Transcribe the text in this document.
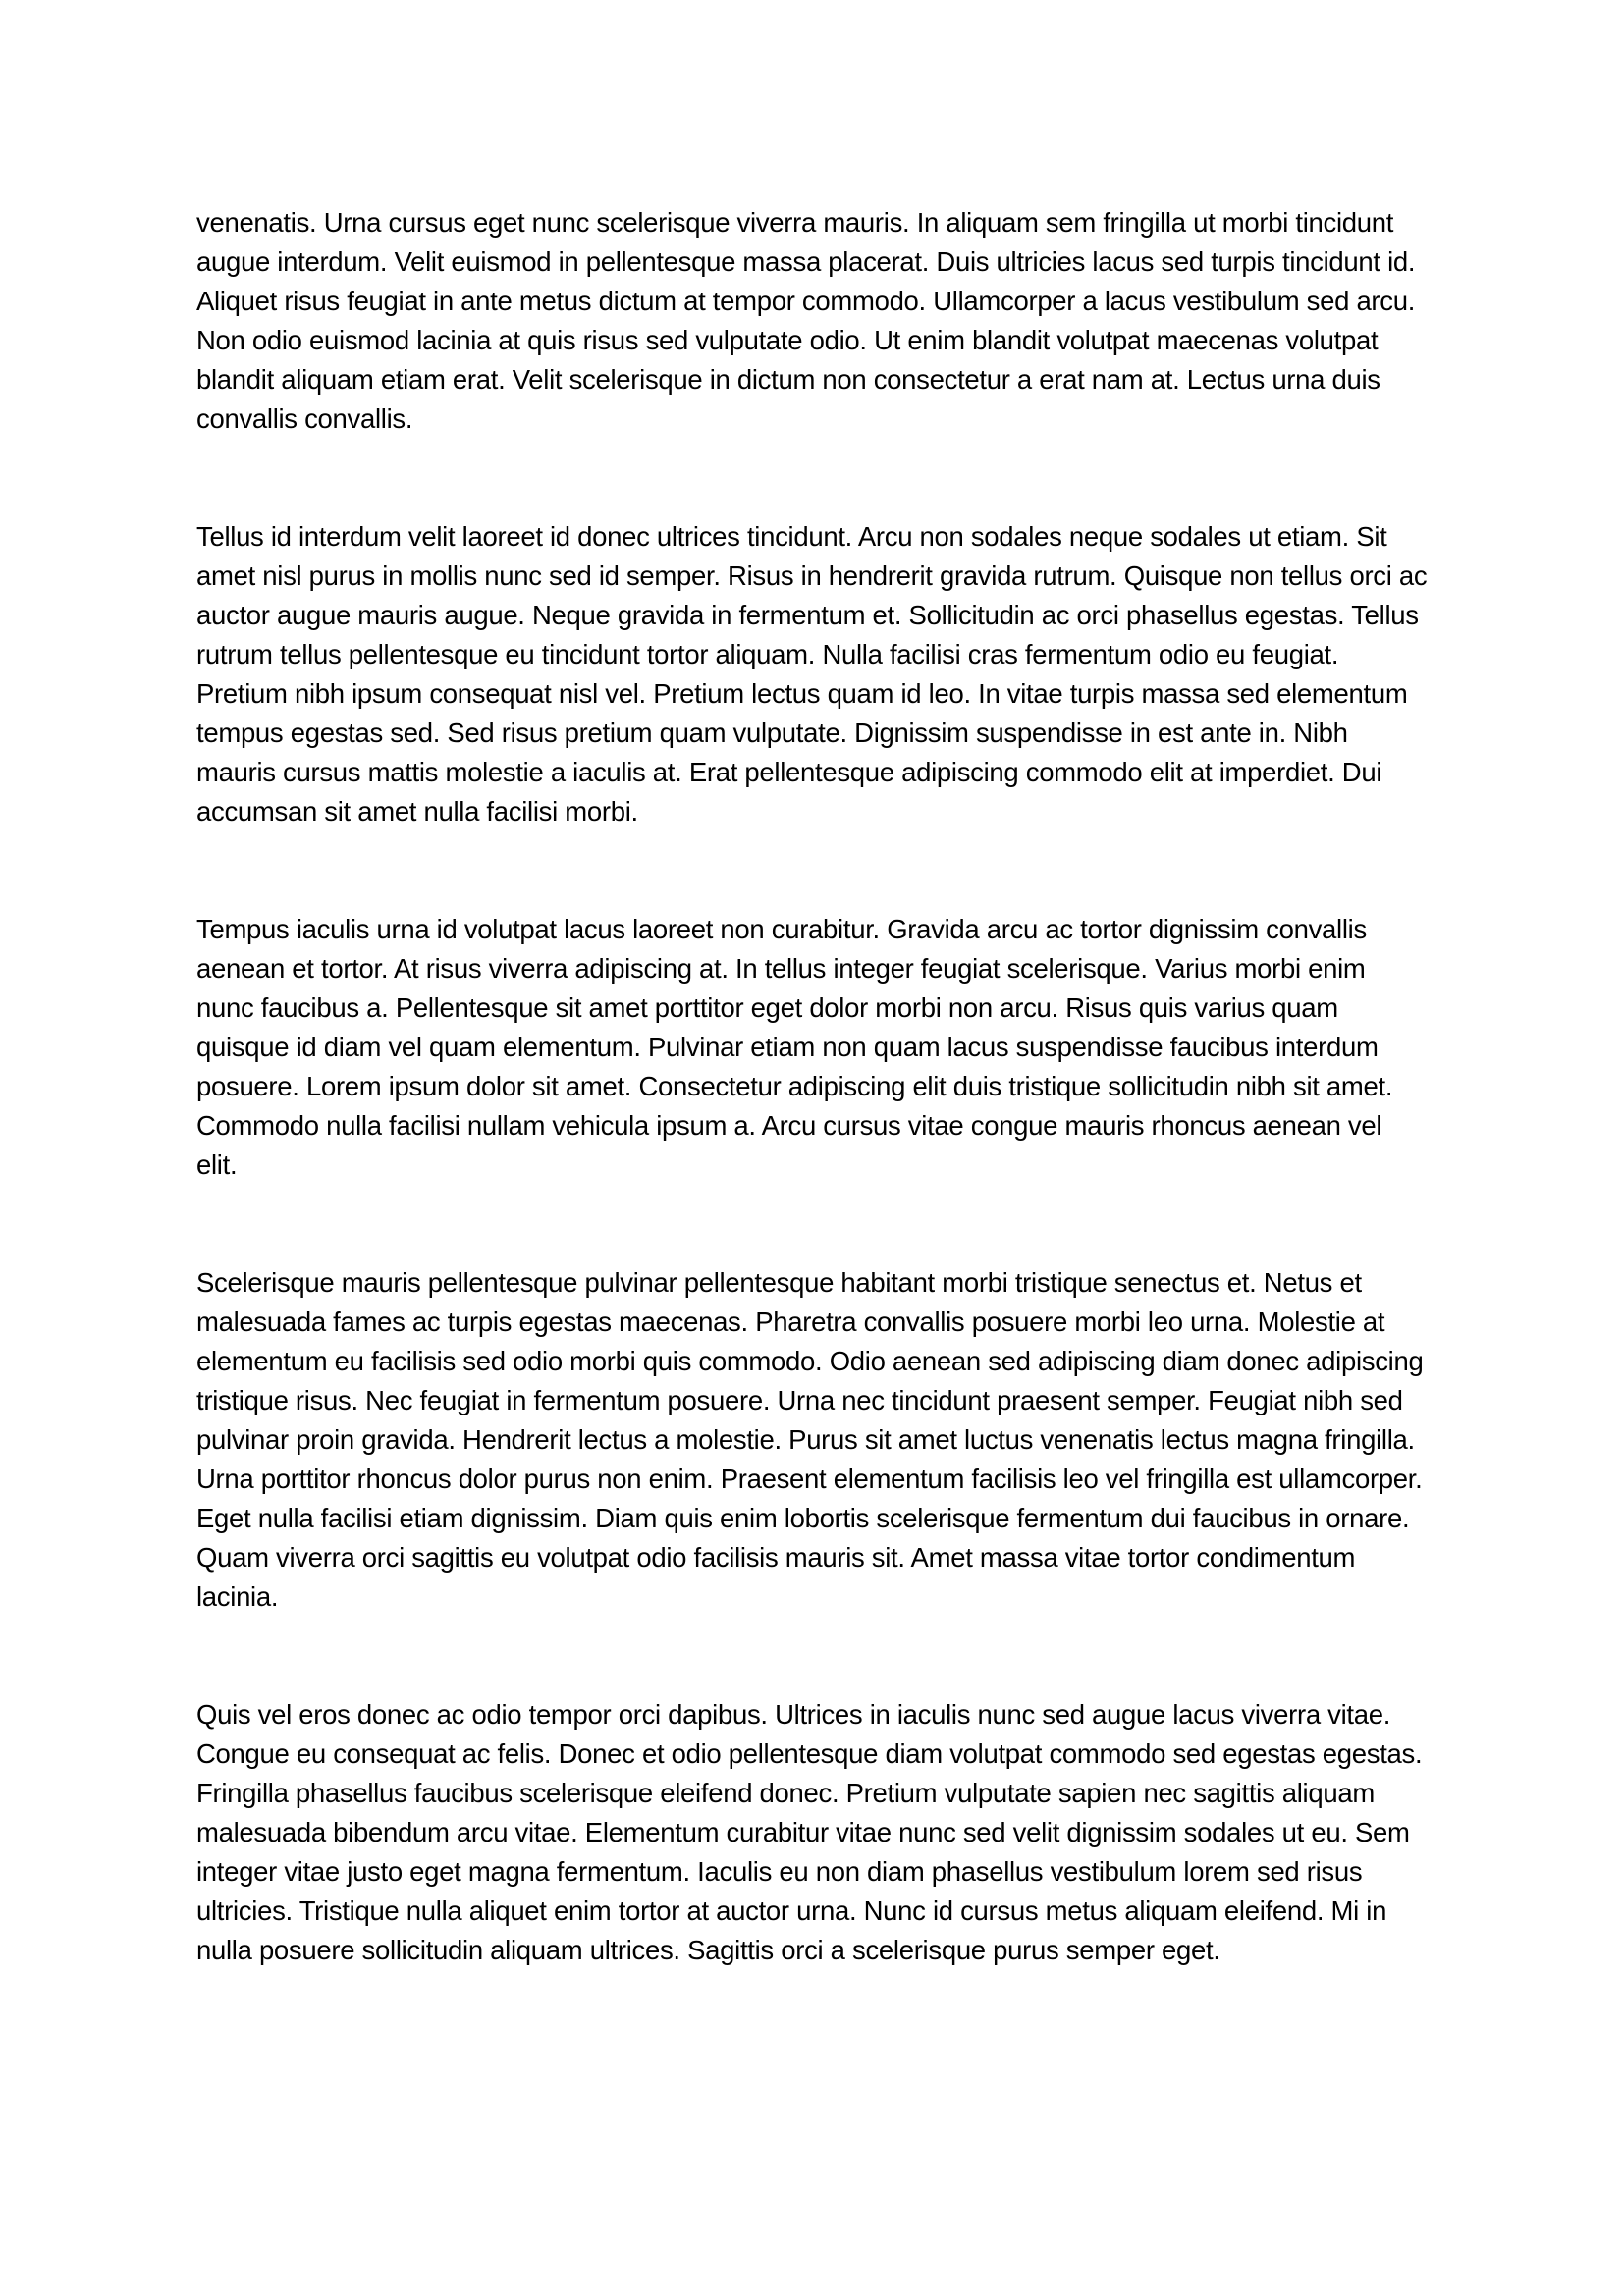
venenatis. Urna cursus eget nunc scelerisque viverra mauris. In aliquam sem fringilla ut morbi tincidunt augue interdum. Velit euismod in pellentesque massa placerat. Duis ultricies lacus sed turpis tincidunt id. Aliquet risus feugiat in ante metus dictum at tempor commodo. Ullamcorper a lacus vestibulum sed arcu. Non odio euismod lacinia at quis risus sed vulputate odio. Ut enim blandit volutpat maecenas volutpat blandit aliquam etiam erat. Velit scelerisque in dictum non consectetur a erat nam at. Lectus urna duis convallis convallis.

Tellus id interdum velit laoreet id donec ultrices tincidunt. Arcu non sodales neque sodales ut etiam. Sit amet nisl purus in mollis nunc sed id semper. Risus in hendrerit gravida rutrum. Quisque non tellus orci ac auctor augue mauris augue. Neque gravida in fermentum et. Sollicitudin ac orci phasellus egestas. Tellus rutrum tellus pellentesque eu tincidunt tortor aliquam. Nulla facilisi cras fermentum odio eu feugiat. Pretium nibh ipsum consequat nisl vel. Pretium lectus quam id leo. In vitae turpis massa sed elementum tempus egestas sed. Sed risus pretium quam vulputate. Dignissim suspendisse in est ante in. Nibh mauris cursus mattis molestie a iaculis at. Erat pellentesque adipiscing commodo elit at imperdiet. Dui accumsan sit amet nulla facilisi morbi.

Tempus iaculis urna id volutpat lacus laoreet non curabitur. Gravida arcu ac tortor dignissim convallis aenean et tortor. At risus viverra adipiscing at. In tellus integer feugiat scelerisque. Varius morbi enim nunc faucibus a. Pellentesque sit amet porttitor eget dolor morbi non arcu. Risus quis varius quam quisque id diam vel quam elementum. Pulvinar etiam non quam lacus suspendisse faucibus interdum posuere. Lorem ipsum dolor sit amet. Consectetur adipiscing elit duis tristique sollicitudin nibh sit amet. Commodo nulla facilisi nullam vehicula ipsum a. Arcu cursus vitae congue mauris rhoncus aenean vel elit.

Scelerisque mauris pellentesque pulvinar pellentesque habitant morbi tristique senectus et. Netus et malesuada fames ac turpis egestas maecenas. Pharetra convallis posuere morbi leo urna. Molestie at elementum eu facilisis sed odio morbi quis commodo. Odio aenean sed adipiscing diam donec adipiscing tristique risus. Nec feugiat in fermentum posuere. Urna nec tincidunt praesent semper. Feugiat nibh sed pulvinar proin gravida. Hendrerit lectus a molestie. Purus sit amet luctus venenatis lectus magna fringilla. Urna porttitor rhoncus dolor purus non enim. Praesent elementum facilisis leo vel fringilla est ullamcorper. Eget nulla facilisi etiam dignissim. Diam quis enim lobortis scelerisque fermentum dui faucibus in ornare. Quam viverra orci sagittis eu volutpat odio facilisis mauris sit. Amet massa vitae tortor condimentum lacinia.

Quis vel eros donec ac odio tempor orci dapibus. Ultrices in iaculis nunc sed augue lacus viverra vitae. Congue eu consequat ac felis. Donec et odio pellentesque diam volutpat commodo sed egestas egestas. Fringilla phasellus faucibus scelerisque eleifend donec. Pretium vulputate sapien nec sagittis aliquam malesuada bibendum arcu vitae. Elementum curabitur vitae nunc sed velit dignissim sodales ut eu. Sem integer vitae justo eget magna fermentum. Iaculis eu non diam phasellus vestibulum lorem sed risus ultricies. Tristique nulla aliquet enim tortor at auctor urna. Nunc id cursus metus aliquam eleifend. Mi in nulla posuere sollicitudin aliquam ultrices. Sagittis orci a scelerisque purus semper eget.
